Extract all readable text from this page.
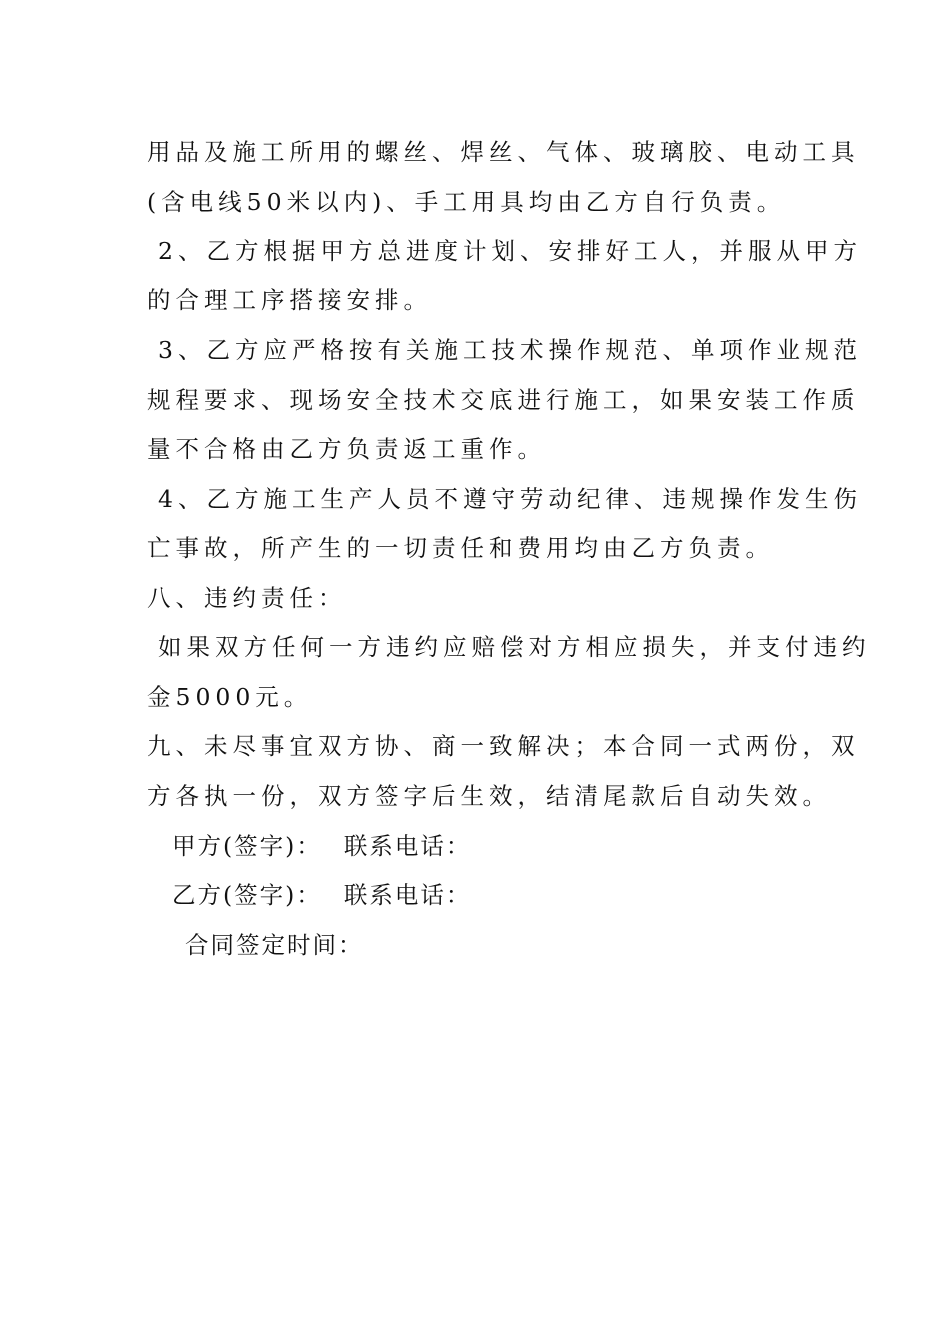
用品及施工所用的螺丝、焊丝、气体、玻璃胶、电动工具
(含电线50米以内)、手工用具均由乙方自行负责。
2、乙方根据甲方总进度计划、安排好工人，并服从甲方
的合理工序搭接安排。
3、乙方应严格按有关施工技术操作规范、单项作业规范
规程要求、现场安全技术交底进行施工，如果安装工作质
量不合格由乙方负责返工重作。
4、乙方施工生产人员不遵守劳动纪律、违规操作发生伤
亡事故，所产生的一切责任和费用均由乙方负责。
八、违约责任：
如果双方任何一方违约应赔偿对方相应损失，并支付违约
金5000元。
九、未尽事宜双方协、商一致解决；本合同一式两份，双
方各执一份，双方签字后生效，结清尾款后自动失效。
甲方(签字)： 联系电话：
乙方(签字)： 联系电话：
合同签定时间：
